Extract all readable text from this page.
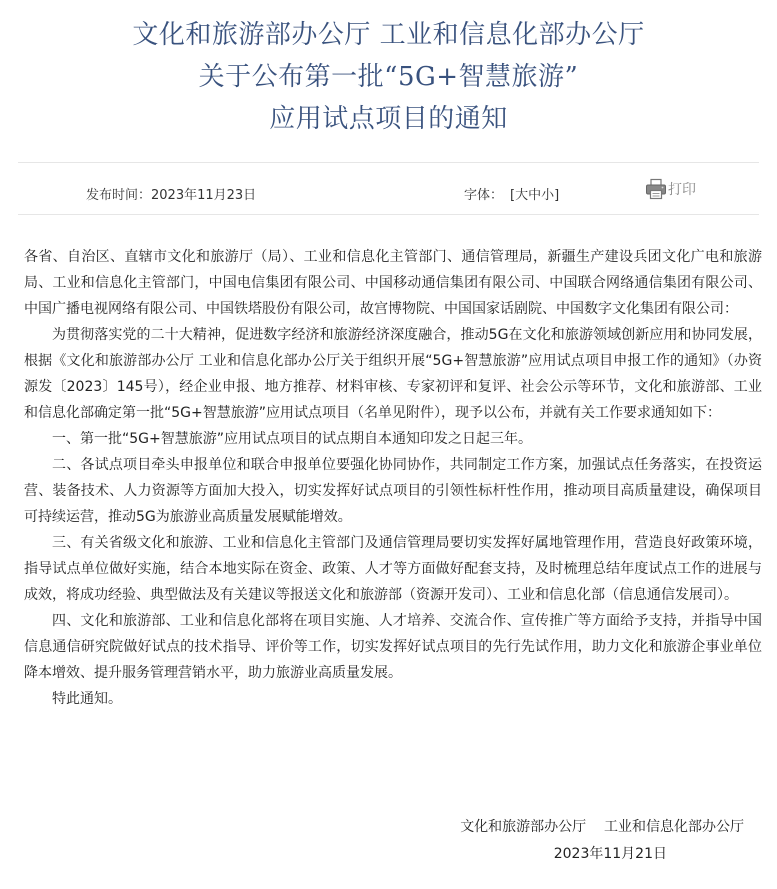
文化和旅游部办公厅 工业和信息化部办公厅
关于公布第一批“5G+智慧旅游”
应用试点项目的通知
发布时间：2023年11月23日	字体： [大中小]	打印

各省、自治区、直辖市文化和旅游厅（局）、工业和信息化主管部门、通信管理局，新疆生产建设兵团文化广电和旅游局、工业和信息化主管部门，中国电信集团有限公司、中国移动通信集团有限公司、中国联合网络通信集团有限公司、中国广播电视网络有限公司、中国铁塔股份有限公司，故宫博物院、中国国家话剧院、中国数字文化集团有限公司：

为贯彻落实党的二十大精神，促进数字经济和旅游经济深度融合，推动5G在文化和旅游领域创新应用和协同发展，根据《文化和旅游部办公厅 工业和信息化部办公厅关于组织开展“5G+智慧旅游”应用试点项目申报工作的通知》（办资源发〔2023〕145号），经企业申报、地方推荐、材料审核、专家初评和复评、社会公示等环节，文化和旅游部、工业和信息化部确定第一批“5G+智慧旅游”应用试点项目（名单见附件），现予以公布，并就有关工作要求通知如下：

一、第一批“5G+智慧旅游”应用试点项目的试点期自本通知印发之日起三年。

二、各试点项目牵头申报单位和联合申报单位要强化协同协作，共同制定工作方案，加强试点任务落实，在投资运营、装备技术、人力资源等方面加大投入，切实发挥好试点项目的引领性标杆性作用，推动项目高质量建设，确保项目可持续运营，推动5G为旅游业高质量发展赋能增效。

三、有关省级文化和旅游、工业和信息化主管部门及通信管理局要切实发挥好属地管理作用，营造良好政策环境，指导试点单位做好实施，结合本地实际在资金、政策、人才等方面做好配套支持，及时梳理总结年度试点工作的进展与成效，将成功经验、典型做法及有关建议等报送文化和旅游部（资源开发司）、工业和信息化部（信息通信发展司）。

四、文化和旅游部、工业和信息化部将在项目实施、人才培养、交流合作、宣传推广等方面给予支持，并指导中国信息通信研究院做好试点的技术指导、评价等工作，切实发挥好试点项目的先行先试作用，助力文化和旅游企事业单位降本增效、提升服务管理营销水平，助力旅游业高质量发展。

特此通知。

文化和旅游部办公厅    工业和信息化部办公厅
2023年11月21日
